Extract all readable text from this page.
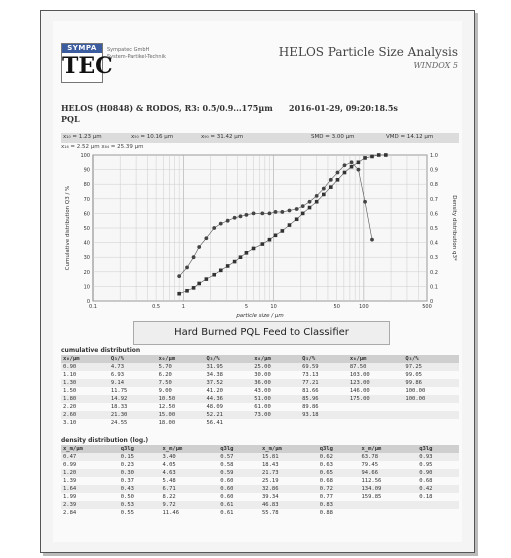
SYMPA
TEC
Sympatec GmbH
System-Partikel-Technik	HELOS Particle Size Analysis
WINDOX 5
HELOS (H0848) & RODOS, R3: 0.5/0.9...175µm 2016-01-29, 09:20:18.5s
PQL
x₁₀ = 1.23 µm	x₅₀ = 10.16 µm	x₉₀ = 31.42 µm	SMD = 3.00 µm	VMD = 14.12 µm
x₁₆ = 2.52 µm x₈₄ = 25.39 µm
0
10
20
30
40
50
60
70
80
90
100
0
0.1
0.2
0.3
0.4
0.5
0.6
0.7
0.8
0.9
1.0
0.1	0.5	1	5	10	50	100	500
particle size / µm
Cumulative distribution Q3 / %	Density distribution q3*
Hard Burned PQL Feed to Classifier
cumulative distribution
x₀/µm	Q₃/%	x₀/µm	Q₃/%	x₀/µm	Q₃/%	x₀/µm	Q₃/%
0.90	4.73	5.70	31.95	25.00	69.59	87.50	97.25
1.10	6.93	6.20	34.38	30.00	73.13	103.00	99.05
1.30	9.14	7.50	37.52	36.00	77.21	123.00	99.86
1.50	11.75	9.00	41.20	43.00	81.66	146.00	100.00
1.80	14.92	10.50	44.36	51.00	85.96	175.00	100.00
2.20	18.33	12.50	48.09	61.00	89.86		
2.60	21.30	15.00	52.21	73.00	93.18		
3.10	24.55	18.00	56.41				
density distribution (log.)
x_m/µm	q3lg	x_m/µm	q3lg	x_m/µm	q3lg	x_m/µm	q3lg
0.47	0.15	3.40	0.57	15.81	0.62	63.78	0.93
0.99	0.23	4.05	0.58	18.43	0.63	79.45	0.95
1.20	0.30	4.63	0.59	21.73	0.65	94.66	0.90
1.39	0.37	5.48	0.60	25.19	0.68	112.56	0.68
1.64	0.43	6.71	0.60	32.86	0.72	134.09	0.42
1.99	0.50	8.22	0.60	39.34	0.77	159.85	0.18
2.39	0.53	9.72	0.61	46.83	0.83		
2.84	0.55	11.46	0.61	55.78	0.88		
